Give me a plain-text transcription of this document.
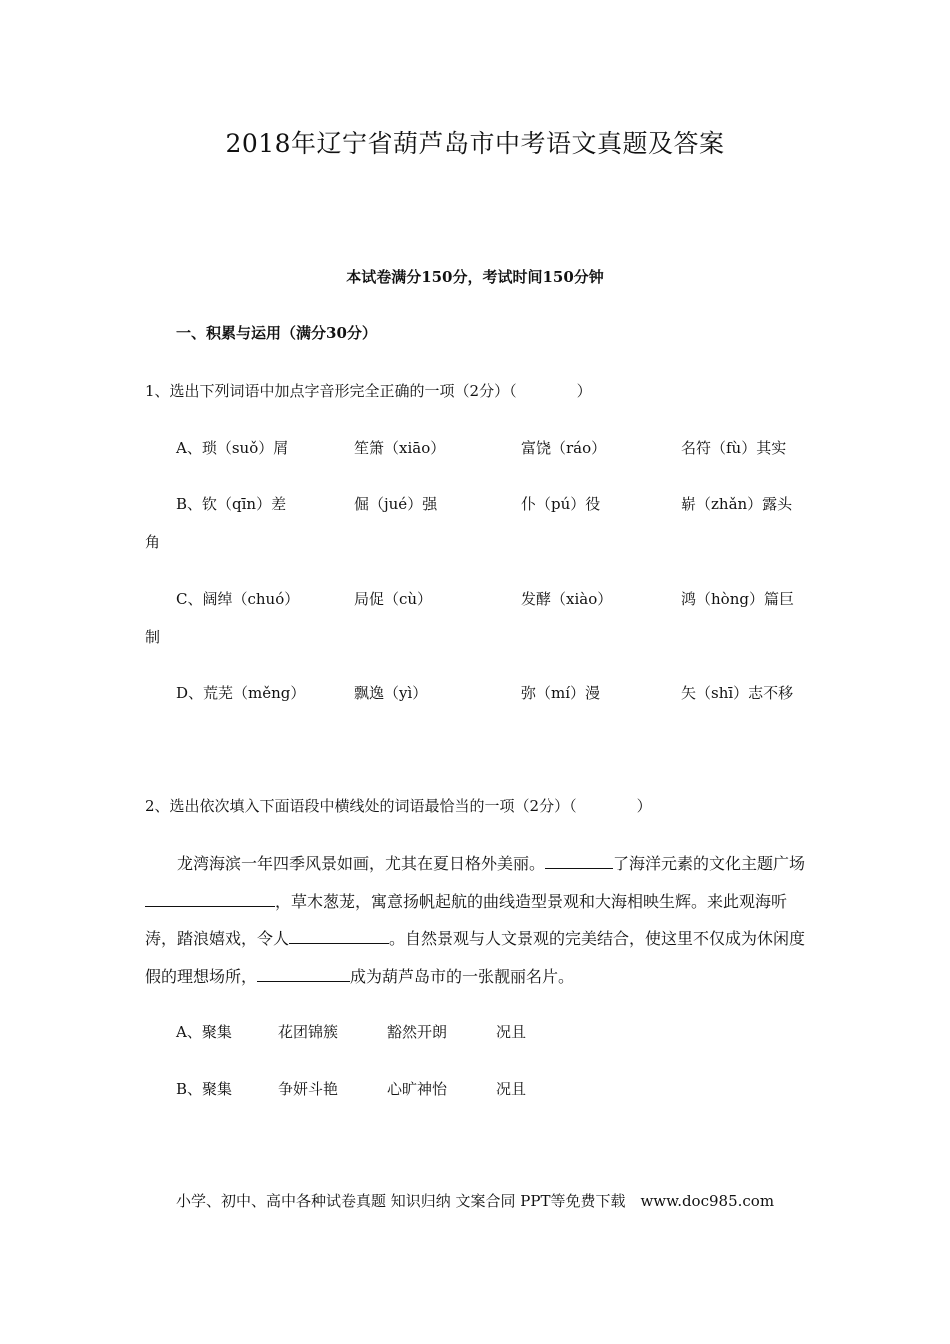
2018年辽宁省葫芦岛市中考语文真题及答案
本试卷满分150分，考试时间150分钟
一、积累与运用（满分30分）
1、选出下列词语中加点字音形完全正确的一项（2分）（　　　　）
A、琐（suǒ）屑	笙箫（xiāo）	富饶（ráo）	名符（fù）其实
B、钦（qīn）差	倔（jué）强	仆（pú）役	崭（zhǎn）露头
角
C、阔绰（chuó）	局促（cù）	发酵（xiào）	鸿（hòng）篇巨
制
D、荒芜（měng）	飘逸（yì）	弥（mí）漫	矢（shī）志不移
2、选出依次填入下面语段中横线处的词语最恰当的一项（2分）（　　　　）
龙湾海滨一年四季风景如画，尤其在夏日格外美丽。	了海洋元素的文化主题广场，草木葱茏，寓意扬帆起航的曲线造型景观和大海相映生辉。来此观海听涛，踏浪嬉戏，令人	。自然景观与人文景观的完美结合，使这里不仅成为休闲度假的理想场所，	成为葫芦岛市的一张靓丽名片。
A、聚集	花团锦簇	豁然开朗	况且
B、聚集	争妍斗艳	心旷神怡	况且
小学、初中、高中各种试卷真题 知识归纳 文案合同 PPT等免费下载　www.doc985.com
